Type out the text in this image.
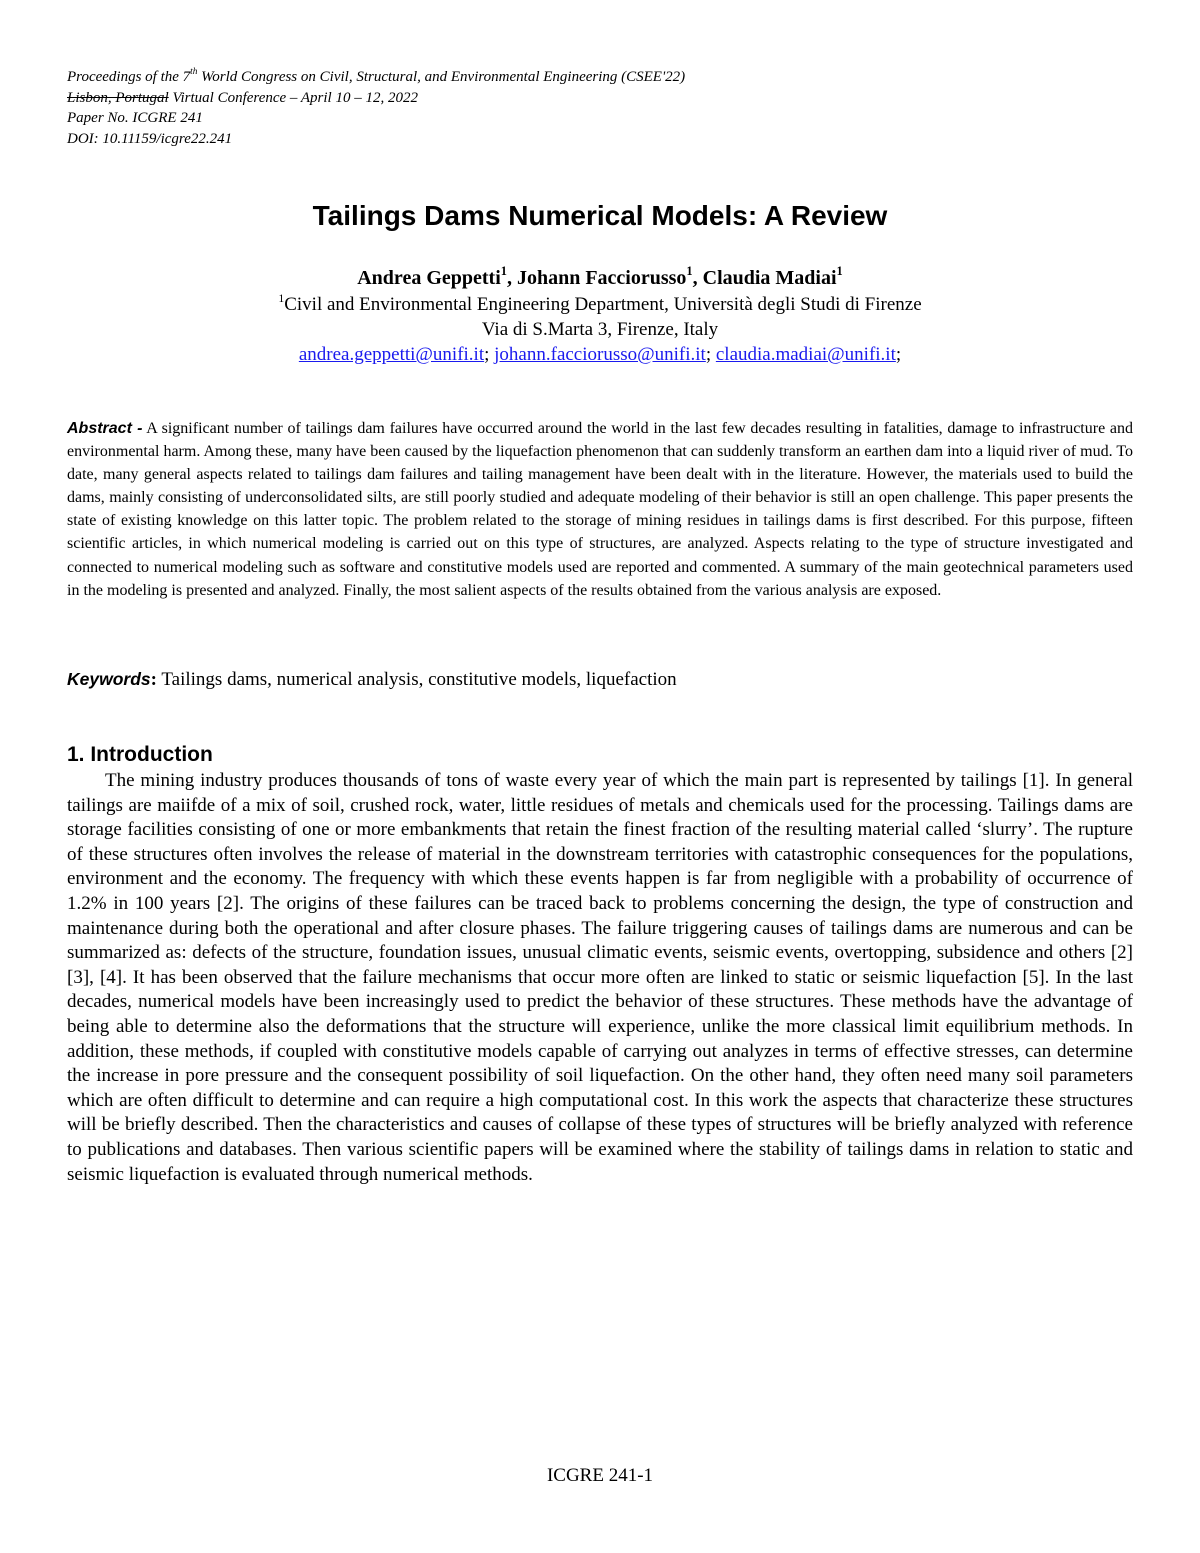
Proceedings of the 7th World Congress on Civil, Structural, and Environmental Engineering (CSEE'22)
Lisbon, Portugal Virtual Conference – April 10 – 12, 2022
Paper No. ICGRE 241
DOI: 10.11159/icgre22.241
Tailings Dams Numerical Models: A Review
Andrea Geppetti$^1$, Johann Facciorusso$^1$, Claudia Madiai$^1$
$^1$Civil and Environmental Engineering Department, Università degli Studi di Firenze
Via di S.Marta 3, Firenze, Italy
andrea.geppetti@unifi.it; johann.facciorusso@unifi.it; claudia.madiai@unifi.it;
Abstract - A significant number of tailings dam failures have occurred around the world in the last few decades resulting in fatalities, damage to infrastructure and environmental harm. Among these, many have been caused by the liquefaction phenomenon that can suddenly transform an earthen dam into a liquid river of mud. To date, many general aspects related to tailings dam failures and tailing management have been dealt with in the literature. However, the materials used to build the dams, mainly consisting of underconsolidated silts, are still poorly studied and adequate modeling of their behavior is still an open challenge. This paper presents the state of existing knowledge on this latter topic. The problem related to the storage of mining residues in tailings dams is first described. For this purpose, fifteen scientific articles, in which numerical modeling is carried out on this type of structures, are analyzed. Aspects relating to the type of structure investigated and connected to numerical modeling such as software and constitutive models used are reported and commented. A summary of the main geotechnical parameters used in the modeling is presented and analyzed. Finally, the most salient aspects of the results obtained from the various analysis are exposed.
Keywords: Tailings dams, numerical analysis, constitutive models, liquefaction
1. Introduction

The mining industry produces thousands of tons of waste every year of which the main part is represented by tailings [1]. In general tailings are maiifde of a mix of soil, crushed rock, water, little residues of metals and chemicals used for the processing. Tailings dams are storage facilities consisting of one or more embankments that retain the finest fraction of the resulting material called ‘slurry’. The rupture of these structures often involves the release of material in the downstream territories with catastrophic consequences for the populations, environment and the economy. The frequency with which these events happen is far from negligible with a probability of occurrence of 1.2% in 100 years [2]. The origins of these failures can be traced back to problems concerning the design, the type of construction and maintenance during both the operational and after closure phases. The failure triggering causes of tailings dams are numerous and can be summarized as: defects of the structure, foundation issues, unusual climatic events, seismic events, overtopping, subsidence and others [2] [3], [4]. It has been observed that the failure mechanisms that occur more often are linked to static or seismic liquefaction [5]. In the last decades, numerical models have been increasingly used to predict the behavior of these structures. These methods have the advantage of being able to determine also the deformations that the structure will experience, unlike the more classical limit equilibrium methods. In addition, these methods, if coupled with constitutive models capable of carrying out analyzes in terms of effective stresses, can determine the increase in pore pressure and the consequent possibility of soil liquefaction. On the other hand, they often need many soil parameters which are often difficult to determine and can require a high computational cost. In this work the aspects that characterize these structures will be briefly described. Then the characteristics and causes of collapse of these types of structures will be briefly analyzed with reference to publications and databases. Then various scientific papers will be examined where the stability of tailings dams in relation to static and seismic liquefaction is evaluated through numerical methods.

ICGRE 241-1
